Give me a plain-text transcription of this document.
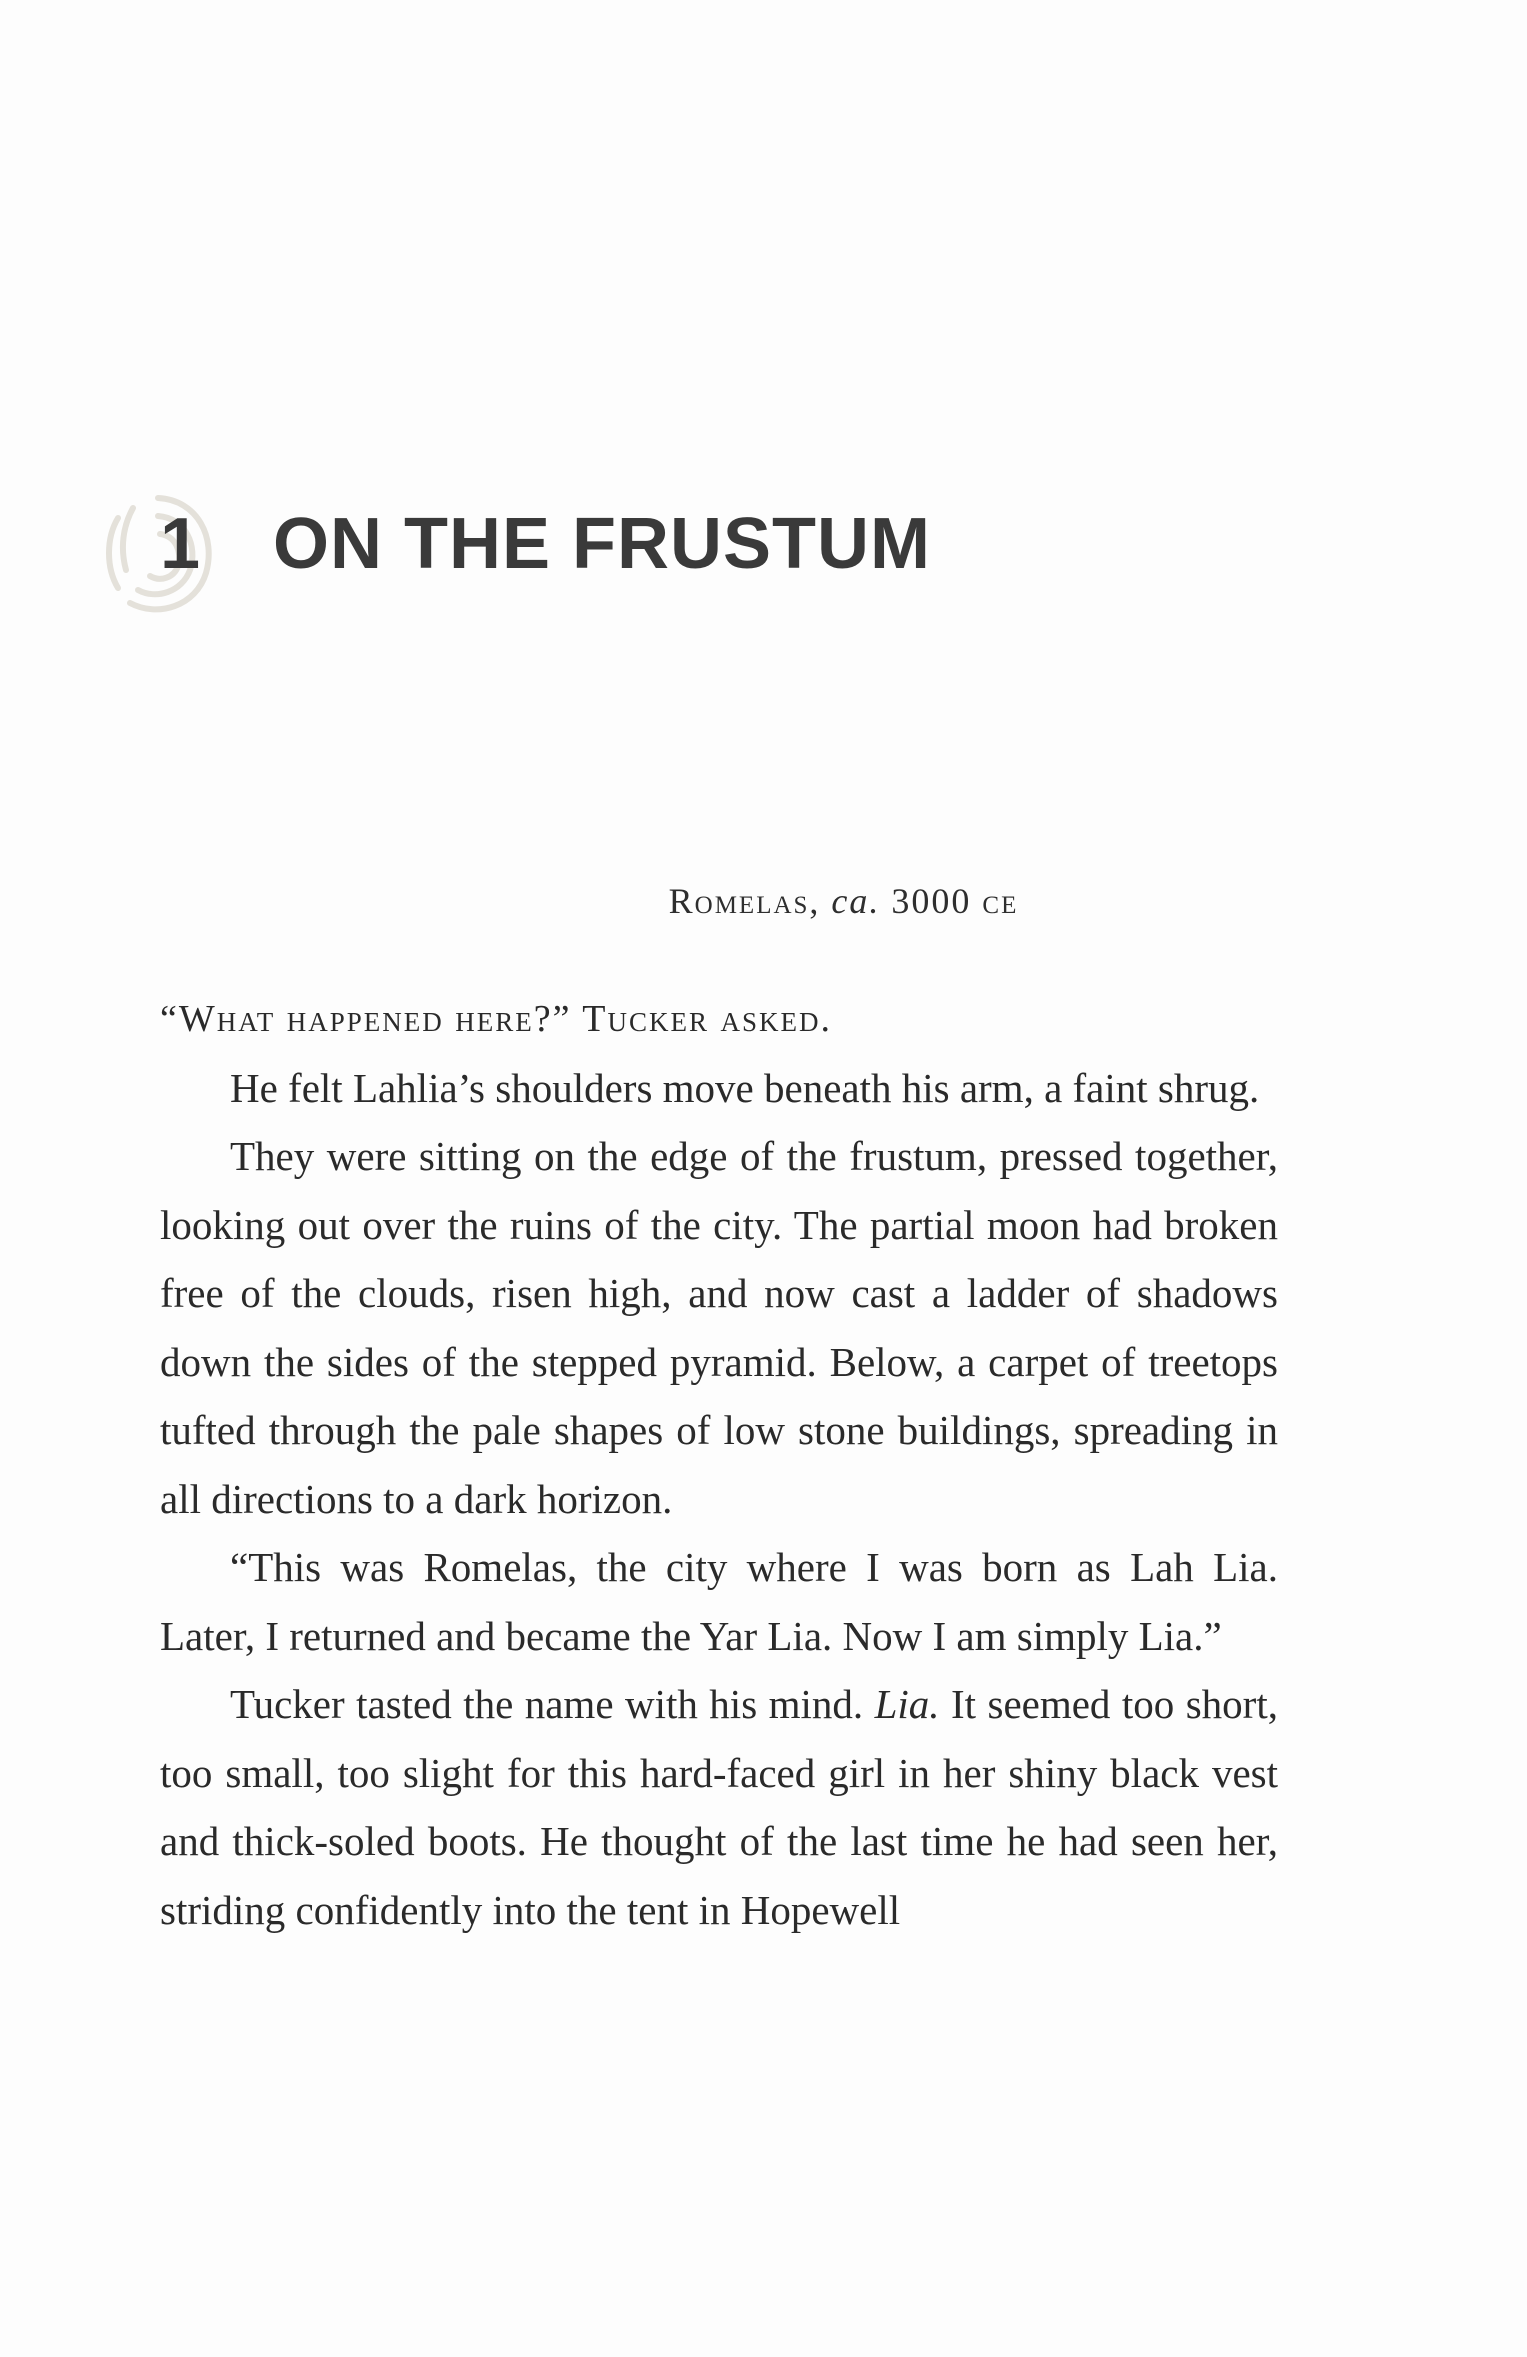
1 ON THE FRUSTUM
Romelas, ca. 3000 ce

“What happened here?” Tucker asked.

He felt Lahlia’s shoulders move beneath his arm, a faint shrug.

They were sitting on the edge of the frustum, pressed together, looking out over the ruins of the city. The partial moon had broken free of the clouds, risen high, and now cast a ladder of shadows down the sides of the stepped pyramid. Below, a carpet of treetops tufted through the pale shapes of low stone buildings, spreading in all directions to a dark horizon.

“This was Romelas, the city where I was born as Lah Lia. Later, I returned and became the Yar Lia. Now I am simply Lia.”

Tucker tasted the name with his mind. Lia. It seemed too short, too small, too slight for this hard-faced girl in her shiny black vest and thick-soled boots. He thought of the last time he had seen her, striding confidently into the tent in Hopewell
